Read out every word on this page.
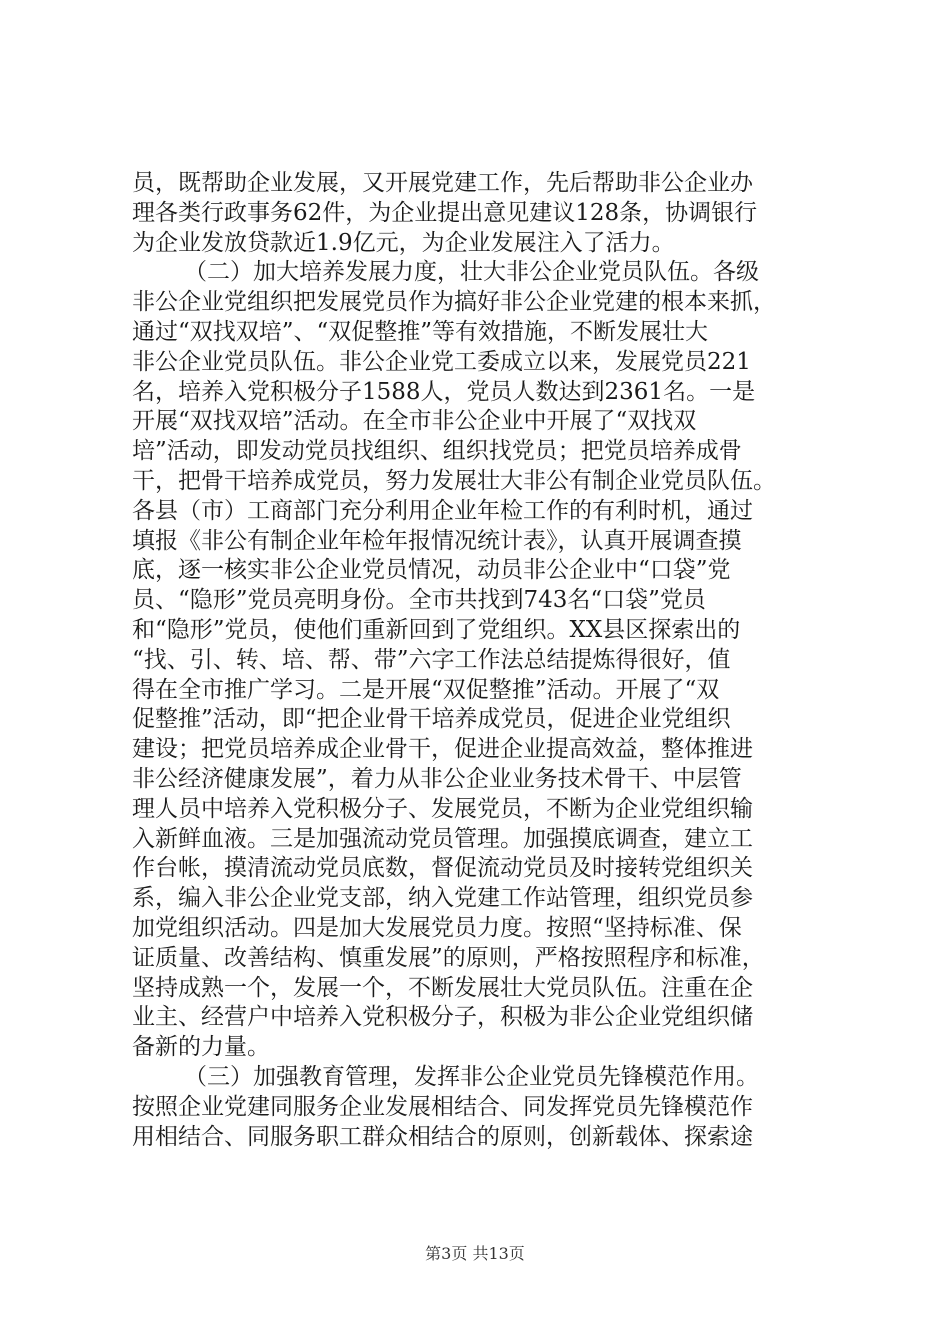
员，既帮助企业发展，又开展党建工作，先后帮助非公企业办
理各类行政事务62件，为企业提出意见建议128条，协调银行
为企业发放贷款近1.9亿元，为企业发展注入了活力。
（二）加大培养发展力度，壮大非公企业党员队伍。各级
非公企业党组织把发展党员作为搞好非公企业党建的根本来抓，
通过“双找双培”、“双促整推”等有效措施，不断发展壮大
非公企业党员队伍。非公企业党工委成立以来，发展党员221
名，培养入党积极分子1588人，党员人数达到2361名。一是
开展“双找双培”活动。在全市非公企业中开展了“双找双
培”活动，即发动党员找组织、组织找党员；把党员培养成骨
干，把骨干培养成党员，努力发展壮大非公有制企业党员队伍。
各县（市）工商部门充分利用企业年检工作的有利时机，通过
填报《非公有制企业年检年报情况统计表》，认真开展调查摸
底，逐一核实非公企业党员情况，动员非公企业中“口袋”党
员、“隐形”党员亮明身份。全市共找到743名“口袋”党员
和“隐形”党员，使他们重新回到了党组织。XX县区探索出的
“找、引、转、培、帮、带”六字工作法总结提炼得很好，值
得在全市推广学习。二是开展“双促整推”活动。开展了“双
促整推”活动，即“把企业骨干培养成党员，促进企业党组织
建设；把党员培养成企业骨干，促进企业提高效益，整体推进
非公经济健康发展”，着力从非公企业业务技术骨干、中层管
理人员中培养入党积极分子、发展党员，不断为企业党组织输
入新鲜血液。三是加强流动党员管理。加强摸底调查，建立工
作台帐，摸清流动党员底数，督促流动党员及时接转党组织关
系，编入非公企业党支部，纳入党建工作站管理，组织党员参
加党组织活动。四是加大发展党员力度。按照“坚持标准、保
证质量、改善结构、慎重发展”的原则，严格按照程序和标准，
坚持成熟一个，发展一个，不断发展壮大党员队伍。注重在企
业主、经营户中培养入党积极分子，积极为非公企业党组织储
备新的力量。
（三）加强教育管理，发挥非公企业党员先锋模范作用。
按照企业党建同服务企业发展相结合、同发挥党员先锋模范作
用相结合、同服务职工群众相结合的原则，创新载体、探索途
第3页 共13页
